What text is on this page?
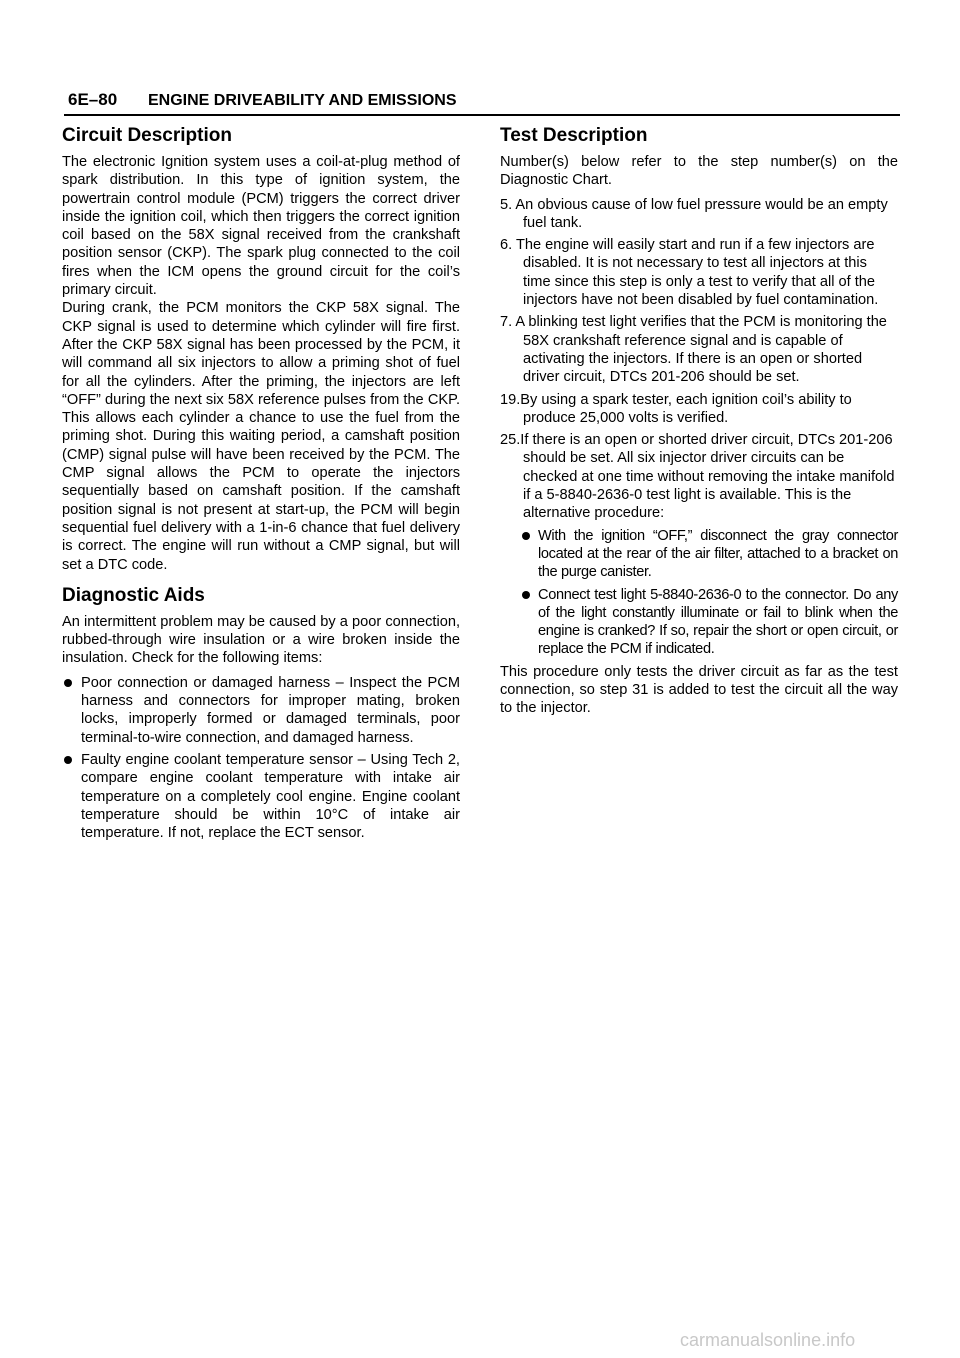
6E–80 ENGINE DRIVEABILITY AND EMISSIONS
Circuit Description

The electronic Ignition system uses a coil-at-plug method of spark distribution. In this type of ignition system, the powertrain control module (PCM) triggers the correct driver inside the ignition coil, which then triggers the correct ignition coil based on the 58X signal received from the crankshaft position sensor (CKP). The spark plug connected to the coil fires when the ICM opens the ground circuit for the coil’s primary circuit.

During crank, the PCM monitors the CKP 58X signal. The CKP signal is used to determine which cylinder will fire first. After the CKP 58X signal has been processed by the PCM, it will command all six injectors to allow a priming shot of fuel for all the cylinders. After the priming, the injectors are left “OFF” during the next six 58X reference pulses from the CKP. This allows each cylinder a chance to use the fuel from the priming shot. During this waiting period, a camshaft position (CMP) signal pulse will have been received by the PCM. The CMP signal allows the PCM to operate the injectors sequentially based on camshaft position. If the camshaft position signal is not present at start-up, the PCM will begin sequential fuel delivery with a 1-in-6 chance that fuel delivery is correct. The engine will run without a CMP signal, but will set a DTC code.

Diagnostic Aids

An intermittent problem may be caused by a poor connection, rubbed-through wire insulation or a wire broken inside the insulation. Check for the following items:

Poor connection or damaged harness – Inspect the PCM harness and connectors for improper mating, broken locks, improperly formed or damaged terminals, poor terminal-to-wire connection, and damaged harness.
Faulty engine coolant temperature sensor – Using Tech 2, compare engine coolant temperature with intake air temperature on a completely cool engine. Engine coolant temperature should be within 10°C of intake air temperature. If not, replace the ECT sensor.
Test Description

Number(s) below refer to the step number(s) on the Diagnostic Chart.

5. An obvious cause of low fuel pressure would be an empty fuel tank.

6. The engine will easily start and run if a few injectors are disabled. It is not necessary to test all injectors at this time since this step is only a test to verify that all of the injectors have not been disabled by fuel contamination.

7. A blinking test light verifies that the PCM is monitoring the 58X crankshaft reference signal and is capable of activating the injectors. If there is an open or shorted driver circuit, DTCs 201-206 should be set.

19.By using a spark tester, each ignition coil’s ability to produce 25,000 volts is verified.

25.If there is an open or shorted driver circuit, DTCs 201-206 should be set. All six injector driver circuits can be checked at one time without removing the intake manifold if a 5-8840-2636-0 test light is available. This is the alternative procedure:

With the ignition “OFF,” disconnect the gray connector located at the rear of the air filter, attached to a bracket on the purge canister.
Connect test light 5-8840-2636-0 to the connector. Do any of the light constantly illuminate or fail to blink when the engine is cranked? If so, repair the short or open circuit, or replace the PCM if indicated.

This procedure only tests the driver circuit as far as the test connection, so step 31 is added to test the circuit all the way to the injector.

carmanualsonline.info
